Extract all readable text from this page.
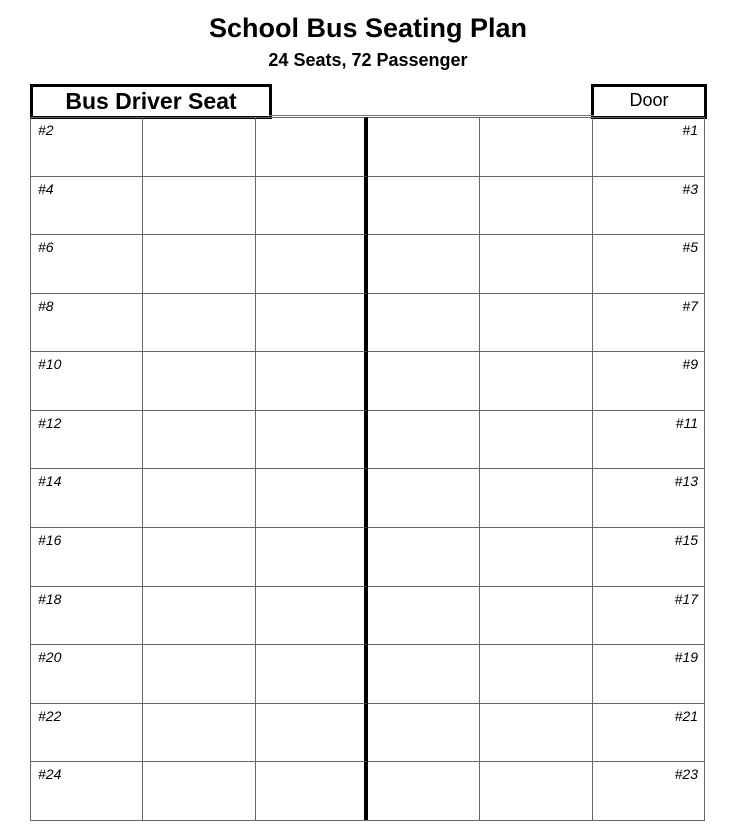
School Bus Seating Plan
24 Seats, 72 Passenger
Bus Driver Seat	Door
#2	#1
#4	#3
#6	#5
#8	#7
#10	#9
#12	#11
#14	#13
#16	#15
#18	#17
#20	#19
#22	#21
#24	#23
